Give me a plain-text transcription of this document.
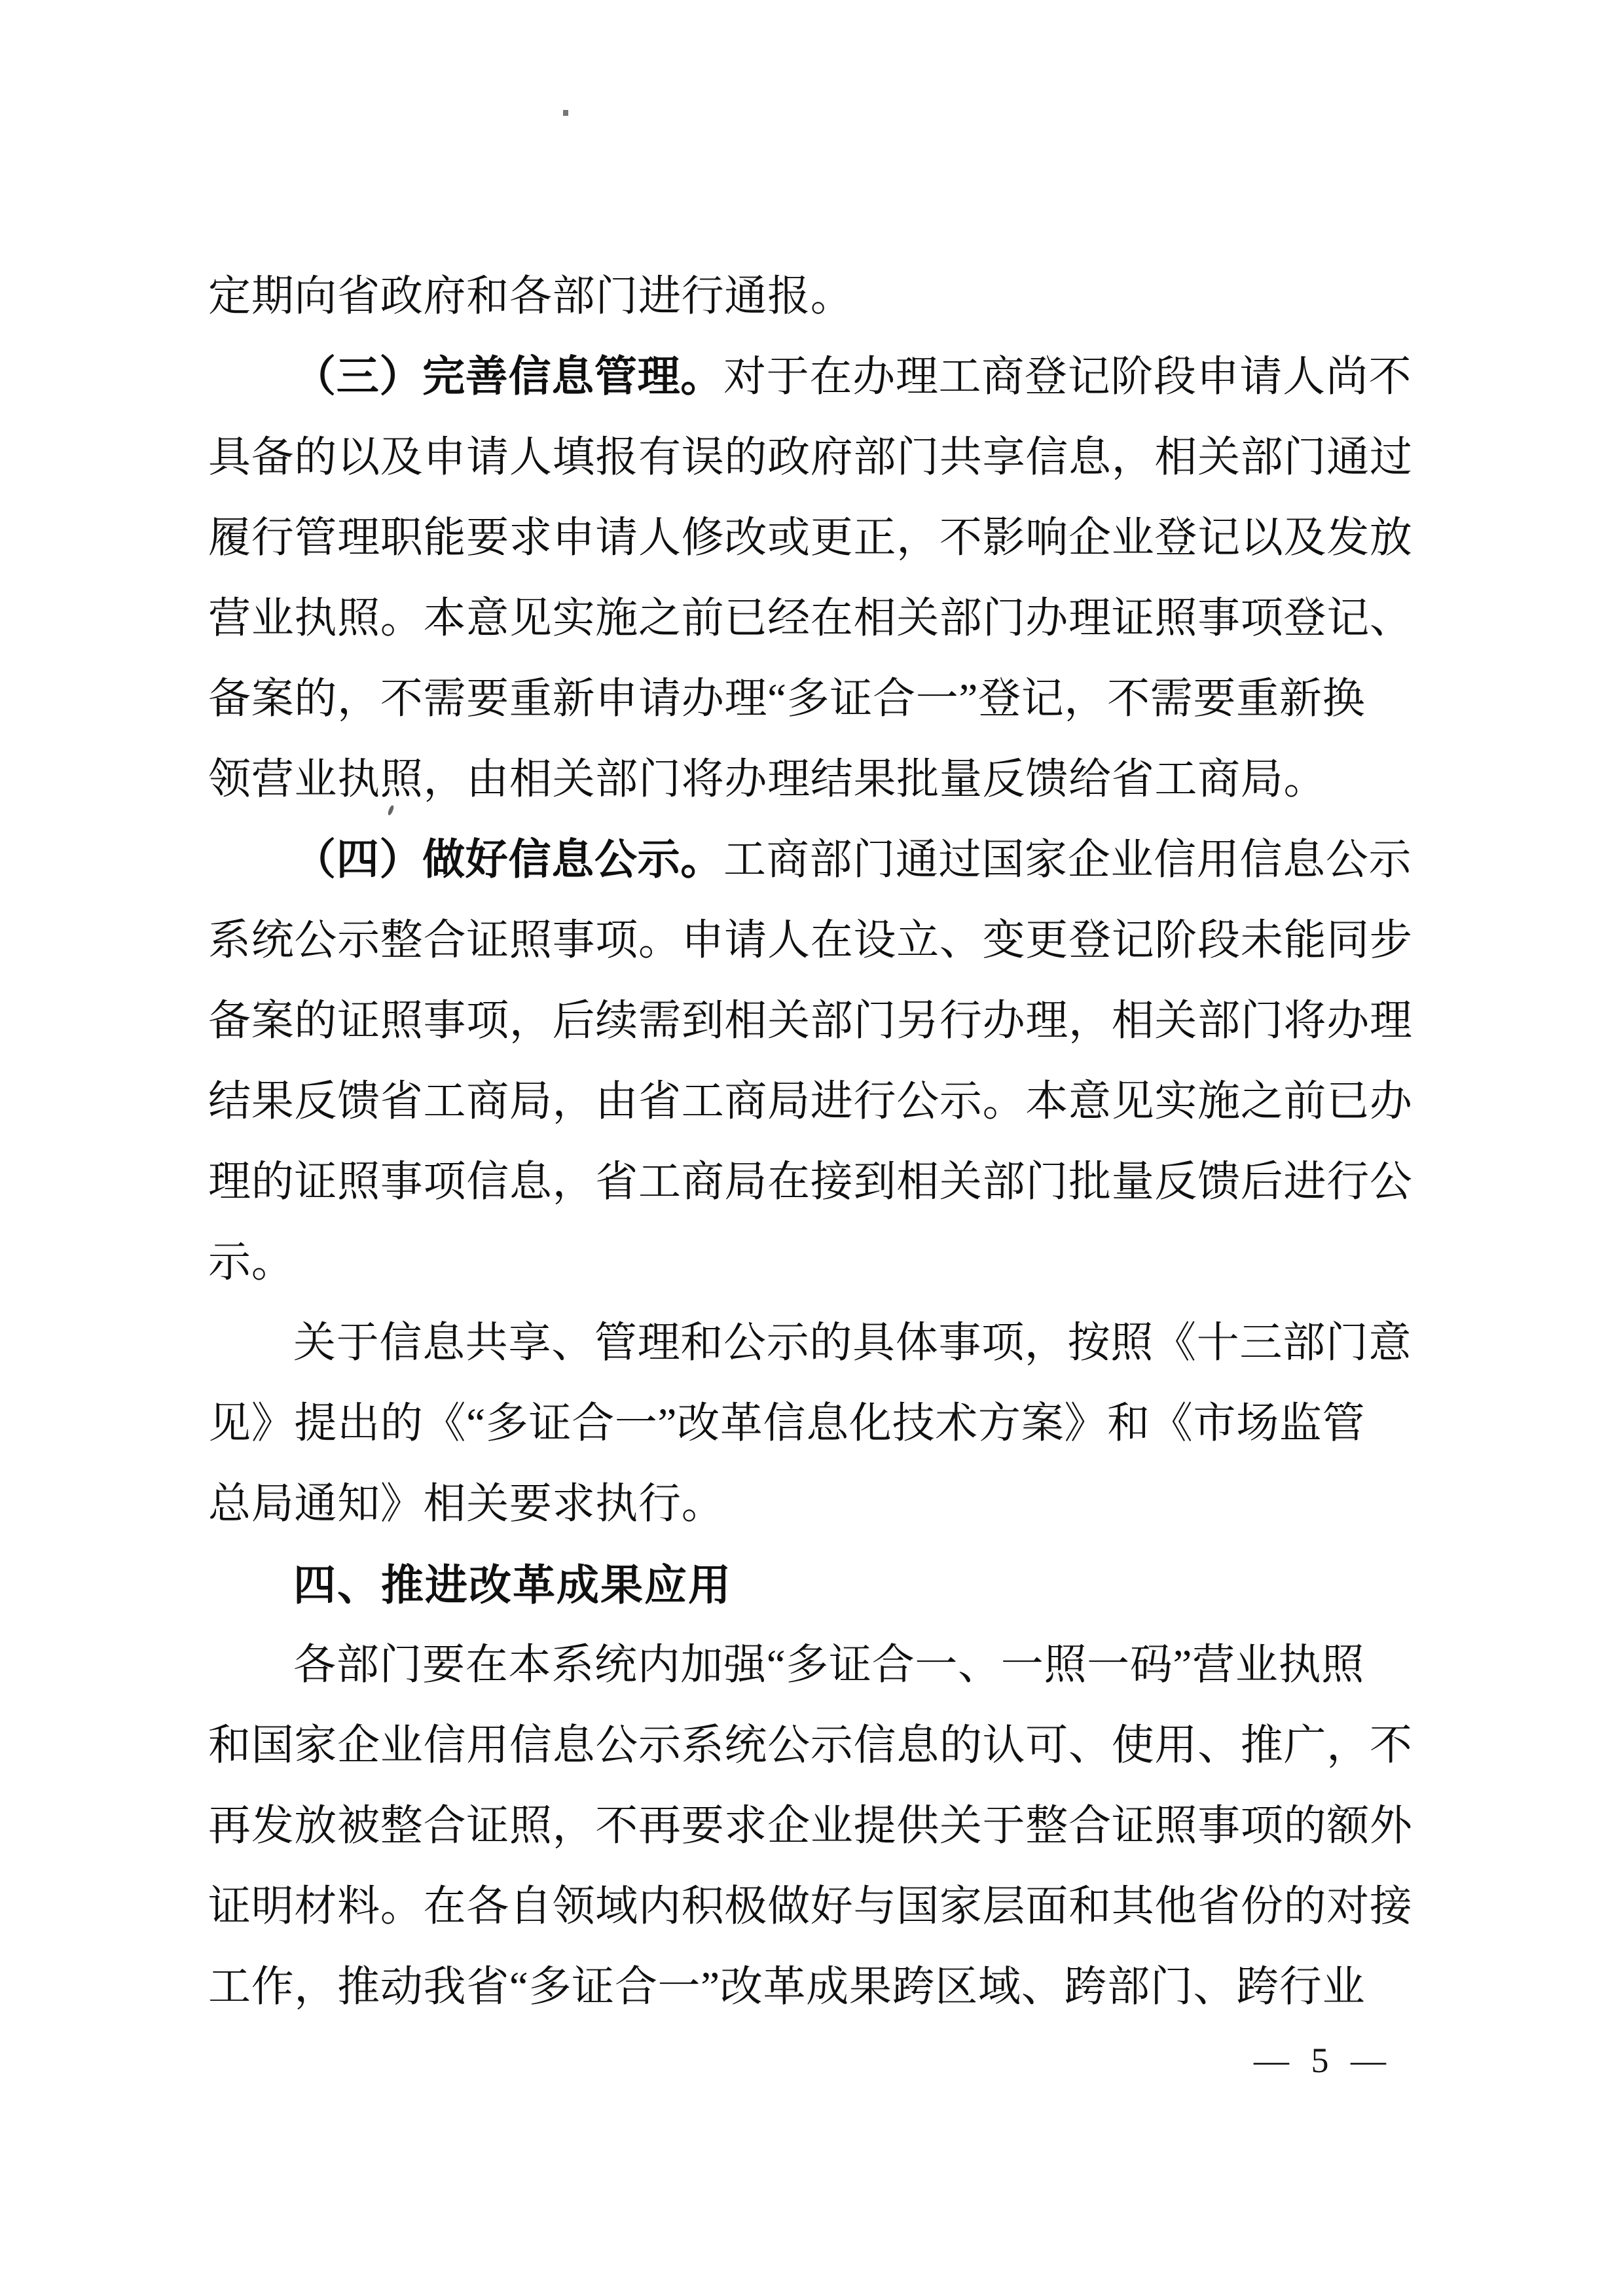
定期向省政府和各部门进行通报。
（三）完善信息管理。对于在办理工商登记阶段申请人尚不
具备的以及申请人填报有误的政府部门共享信息，相关部门通过
履行管理职能要求申请人修改或更正，不影响企业登记以及发放
营业执照。本意见实施之前已经在相关部门办理证照事项登记、
备案的，不需要重新申请办理“多证合一”登记，不需要重新换
领营业执照，由相关部门将办理结果批量反馈给省工商局。
（四）做好信息公示。工商部门通过国家企业信用信息公示
系统公示整合证照事项。申请人在设立、变更登记阶段未能同步
备案的证照事项，后续需到相关部门另行办理，相关部门将办理
结果反馈省工商局，由省工商局进行公示。本意见实施之前已办
理的证照事项信息，省工商局在接到相关部门批量反馈后进行公
示。
关于信息共享、管理和公示的具体事项，按照《十三部门意
见》提出的《“多证合一”改革信息化技术方案》和《市场监管
总局通知》相关要求执行。
四、推进改革成果应用
各部门要在本系统内加强“多证合一、一照一码”营业执照
和国家企业信用信息公示系统公示信息的认可、使用、推广，不
再发放被整合证照，不再要求企业提供关于整合证照事项的额外
证明材料。在各自领域内积极做好与国家层面和其他省份的对接
工作，推动我省“多证合一”改革成果跨区域、跨部门、跨行业
— 5 —
